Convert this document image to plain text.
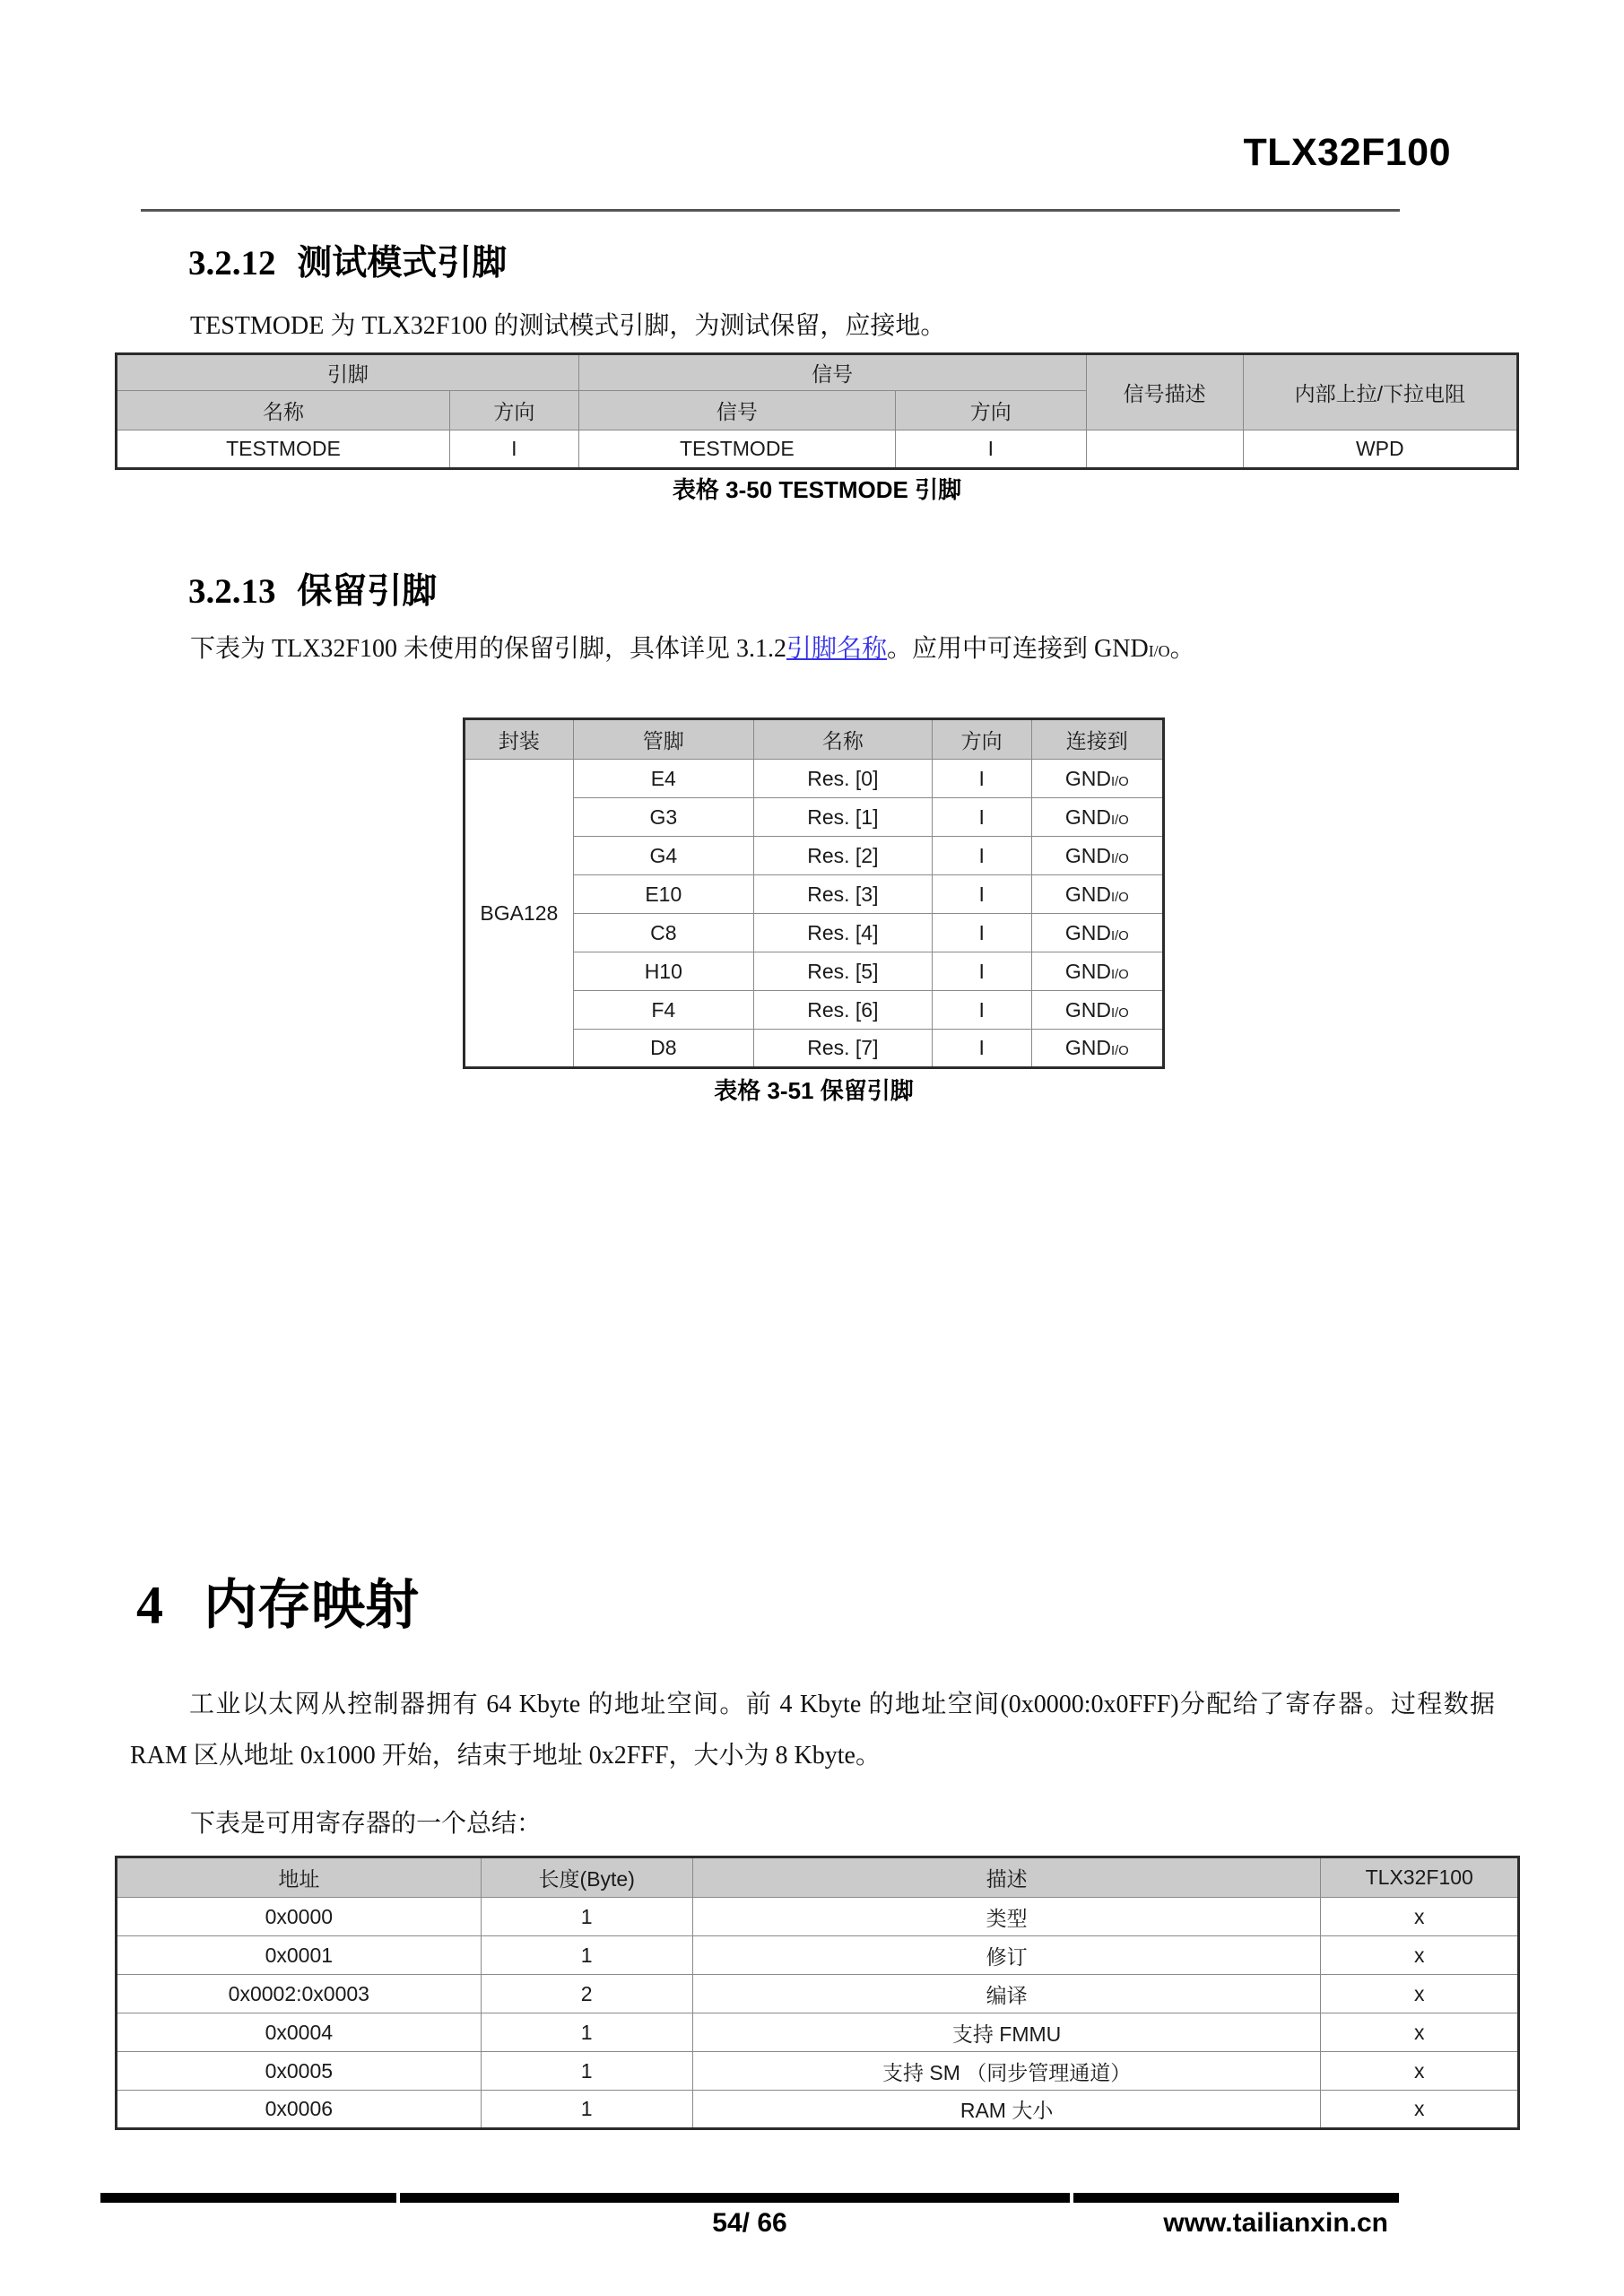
TLX32F100
3.2.12 测试模式引脚

TESTMODE 为 TLX32F100 的测试模式引脚，为测试保留，应接地。

引脚		信号		信号描述	内部上拉/下拉电阻
名称	方向	信号	方向		
TESTMODE	I	TESTMODE	I		WPD
表格 3-50 TESTMODE 引脚
3.2.13 保留引脚

下表为 TLX32F100 未使用的保留引脚，具体详见 3.1.2引脚名称。应用中可连接到 GNDI/O。

封装	管脚	名称	方向	连接到
BGA128	E4	Res. [0]	I	GNDI/O
	G3	Res. [1]	I	GNDI/O
	G4	Res. [2]	I	GNDI/O
	E10	Res. [3]	I	GNDI/O
	C8	Res. [4]	I	GNDI/O
	H10	Res. [5]	I	GNDI/O
	F4	Res. [6]	I	GNDI/O
	D8	Res. [7]	I	GNDI/O
表格 3-51 保留引脚
4 内存映射

工业以太网从控制器拥有 64 Kbyte 的地址空间。前 4 Kbyte 的地址空间(0x0000:0x0FFF)分配给了寄存器。过程数据 RAM 区从地址 0x1000 开始，结束于地址 0x2FFF，大小为 8 Kbyte。

下表是可用寄存器的一个总结：

地址	长度(Byte)	描述	TLX32F100
0x0000	1	类型	x
0x0001	1	修订	x
0x0002:0x0003	2	编译	x
0x0004	1	支持 FMMU	x
0x0005	1	支持 SM （同步管理通道）	x
0x0006	1	RAM 大小	x
54/ 66	www.tailianxin.cn
